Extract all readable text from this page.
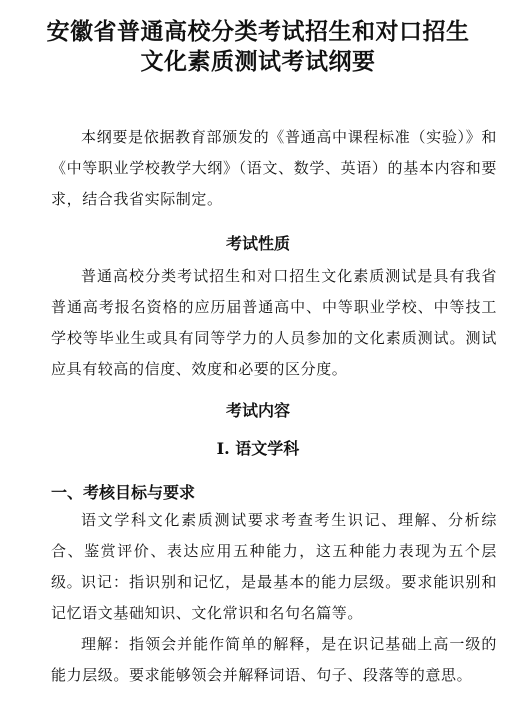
安徽省普通高校分类考试招生和对口招生
文化素质测试考试纲要
本纲要是依据教育部颁发的《普通高中课程标准（实验）》和《中等职业学校教学大纲》（语文、数学、英语）的基本内容和要求，结合我省实际制定。
考试性质
普通高校分类考试招生和对口招生文化素质测试是具有我省普通高考报名资格的应历届普通高中、中等职业学校、中等技工学校等毕业生或具有同等学力的人员参加的文化素质测试。测试应具有较高的信度、效度和必要的区分度。
考试内容
I. 语文学科
一、考核目标与要求
语文学科文化素质测试要求考查考生识记、理解、分析综合、鉴赏评价、表达应用五种能力，这五种能力表现为五个层级。
识记：指识别和记忆，是最基本的能力层级。要求能识别和记忆语文基础知识、文化常识和名句名篇等。
理解：指领会并能作简单的解释，是在识记基础上高一级的能力层级。要求能够领会并解释词语、句子、段落等的意思。
